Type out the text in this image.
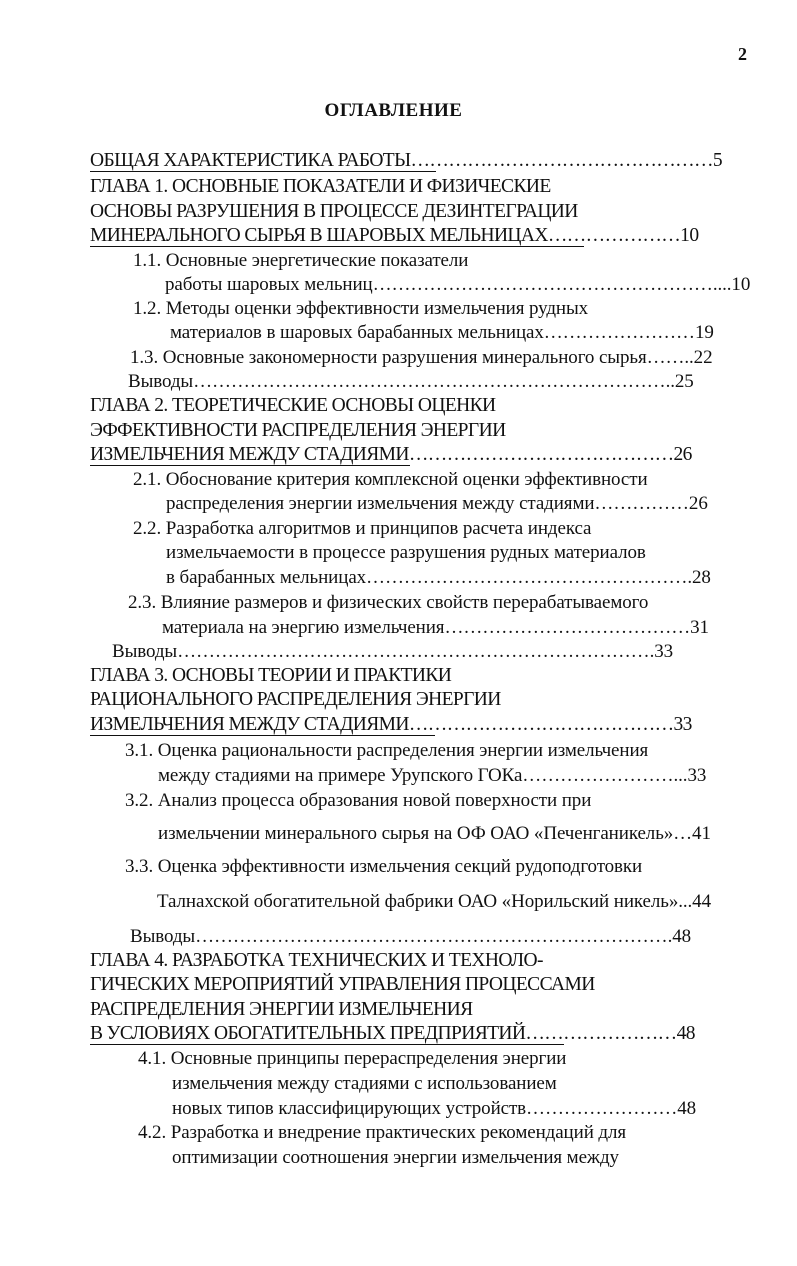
2
ОГЛАВЛЕНИЕ
ОБЩАЯ ХАРАКТЕРИСТИКА РАБОТЫ…………………………………………5
ГЛАВА 1. ОСНОВНЫЕ ПОКАЗАТЕЛИ И ФИЗИЧЕСКИЕ
ОСНОВЫ РАЗРУШЕНИЯ В ПРОЦЕССЕ ДЕЗИНТЕГРАЦИИ
МИНЕРАЛЬНОГО СЫРЬЯ В ШАРОВЫХ МЕЛЬНИЦАХ…………………10
1.1. Основные энергетические показатели
работы шаровых мельниц………………………………………………....10
1.2. Методы оценки эффективности измельчения рудных
материалов в шаровых барабанных мельницах……………………19
1.3. Основные закономерности разрушения минерального сырья……..22
Выводы…………………………………………………………………..25
ГЛАВА 2. ТЕОРЕТИЧЕСКИЕ ОСНОВЫ ОЦЕНКИ
ЭФФЕКТИВНОСТИ РАСПРЕДЕЛЕНИЯ ЭНЕРГИИ
ИЗМЕЛЬЧЕНИЯ МЕЖДУ СТАДИЯМИ……………………………………26
2.1. Обоснование критерия комплексной оценки эффективности
распределения энергии измельчения между стадиями……………26
2.2. Разработка алгоритмов и принципов расчета индекса
измельчаемости в процессе разрушения рудных материалов
в барабанных мельницах…………………………………………….28
2.3. Влияние размеров и физических свойств перерабатываемого
материала на энергию измельчения…………………………………31
Выводы………………………………………………………………….33
ГЛАВА 3. ОСНОВЫ ТЕОРИИ И ПРАКТИКИ
РАЦИОНАЛЬНОГО РАСПРЕДЕЛЕНИЯ ЭНЕРГИИ
ИЗМЕЛЬЧЕНИЯ МЕЖДУ СТАДИЯМИ……………………………………33
3.1. Оценка рациональности распределения энергии измельчения
между стадиями на примере Урупского ГОКа……………………...33
3.2. Анализ процесса образования новой поверхности при
измельчении минерального сырья на ОФ ОАО «Печенганикель»…41
3.3. Оценка эффективности измельчения секций рудоподготовки
Талнахской обогатительной фабрики ОАО «Норильский никель»...44
Выводы………………………………………………………………….48
ГЛАВА 4. РАЗРАБОТКА ТЕХНИЧЕСКИХ И ТЕХНОЛО-
ГИЧЕСКИХ МЕРОПРИЯТИЙ УПРАВЛЕНИЯ ПРОЦЕССАМИ
РАСПРЕДЕЛЕНИЯ ЭНЕРГИИ ИЗМЕЛЬЧЕНИЯ
В УСЛОВИЯХ ОБОГАТИТЕЛЬНЫХ ПРЕДПРИЯТИЙ……………………48
4.1. Основные принципы перераспределения энергии
измельчения между стадиями с использованием
новых типов классифицирующих устройств……………………48
4.2. Разработка и внедрение практических рекомендаций для
оптимизации соотношения энергии измельчения между
